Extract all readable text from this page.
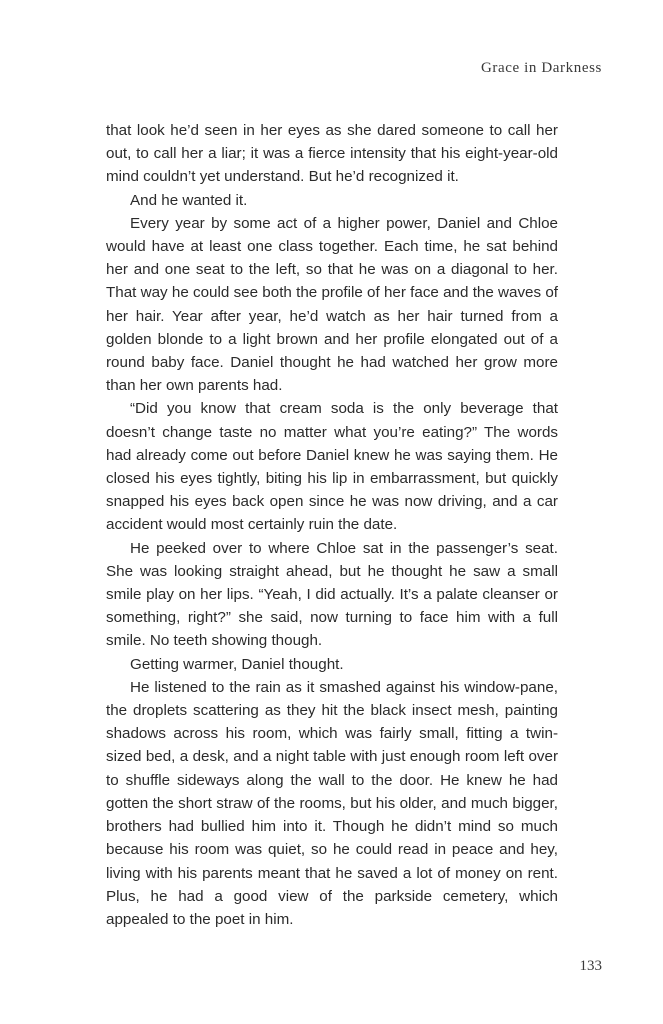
Grace in Darkness

that look he’d seen in her eyes as she dared someone to call her out, to call her a liar; it was a fierce intensity that his eight-year-old mind couldn’t yet understand. But he’d recognized it.

And he wanted it.

Every year by some act of a higher power, Daniel and Chloe would have at least one class together. Each time, he sat behind her and one seat to the left, so that he was on a diagonal to her. That way he could see both the profile of her face and the waves of her hair. Year after year, he’d watch as her hair turned from a golden blonde to a light brown and her profile elongated out of a round baby face. Daniel thought he had watched her grow more than her own parents had.

“Did you know that cream soda is the only beverage that doesn’t change taste no matter what you’re eating?” The words had already come out before Daniel knew he was saying them. He closed his eyes tightly, biting his lip in embarrassment, but quickly snapped his eyes back open since he was now driving, and a car accident would most certainly ruin the date.

He peeked over to where Chloe sat in the passenger’s seat. She was looking straight ahead, but he thought he saw a small smile play on her lips. “Yeah, I did actually. It’s a palate cleanser or something, right?” she said, now turning to face him with a full smile. No teeth showing though.

Getting warmer, Daniel thought.

He listened to the rain as it smashed against his window-pane, the droplets scattering as they hit the black insect mesh, painting shadows across his room, which was fairly small, fitting a twin-sized bed, a desk, and a night table with just enough room left over to shuffle sideways along the wall to the door. He knew he had gotten the short straw of the rooms, but his older, and much bigger, brothers had bullied him into it. Though he didn’t mind so much because his room was quiet, so he could read in peace and hey, living with his parents meant that he saved a lot of money on rent. Plus, he had a good view of the parkside cemetery, which appealed to the poet in him.

133
